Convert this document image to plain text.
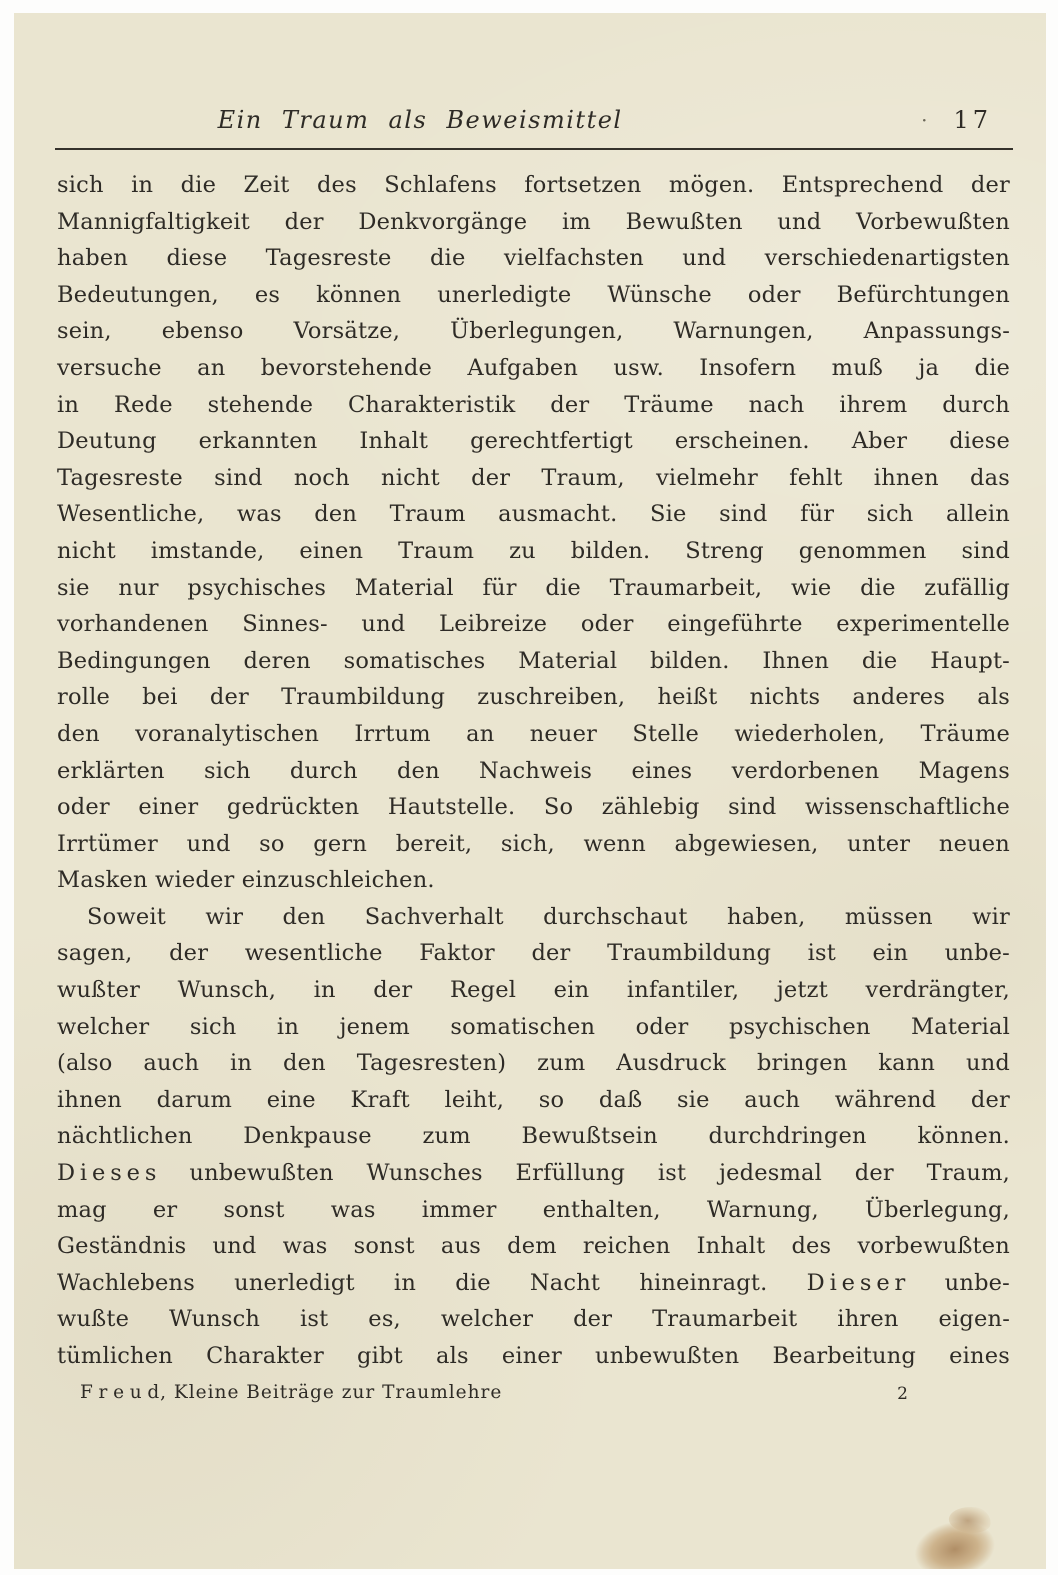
Ein Traum als Beweismittel	· 17
sich in die Zeit des Schlafens fortsetzen mögen. Entsprechend der
Mannigfaltigkeit der Denkvorgänge im Bewußten und Vorbewußten
haben diese Tagesreste die vielfachsten und verschiedenartigsten
Bedeutungen, es können unerledigte Wünsche oder Befürchtungen
sein, ebenso Vorsätze, Überlegungen, Warnungen, Anpassungs-
versuche an bevorstehende Aufgaben usw. Insofern muß ja die
in Rede stehende Charakteristik der Träume nach ihrem durch
Deutung erkannten Inhalt gerechtfertigt erscheinen. Aber diese
Tagesreste sind noch nicht der Traum, vielmehr fehlt ihnen das
Wesentliche, was den Traum ausmacht. Sie sind für sich allein
nicht imstande, einen Traum zu bilden. Streng genommen sind
sie nur psychisches Material für die Traumarbeit, wie die zufällig
vorhandenen Sinnes- und Leibreize oder eingeführte experimentelle
Bedingungen deren somatisches Material bilden. Ihnen die Haupt-
rolle bei der Traumbildung zuschreiben, heißt nichts anderes als
den voranalytischen Irrtum an neuer Stelle wiederholen, Träume
erklärten sich durch den Nachweis eines verdorbenen Magens
oder einer gedrückten Hautstelle. So zählebig sind wissenschaftliche
Irrtümer und so gern bereit, sich, wenn abgewiesen, unter neuen
Masken wieder einzuschleichen.
Soweit wir den Sachverhalt durchschaut haben, müssen wir
sagen, der wesentliche Faktor der Traumbildung ist ein unbe-
wußter Wunsch, in der Regel ein infantiler, jetzt verdrängter,
welcher sich in jenem somatischen oder psychischen Material
(also auch in den Tagesresten) zum Ausdruck bringen kann und
ihnen darum eine Kraft leiht, so daß sie auch während der
nächtlichen Denkpause zum Bewußtsein durchdringen können.
D i e s e s unbewußten Wunsches Erfüllung ist jedesmal der Traum,
mag er sonst was immer enthalten, Warnung, Überlegung,
Geständnis und was sonst aus dem reichen Inhalt des vorbewußten
Wachlebens unerledigt in die Nacht hineinragt. D i e s e r unbe-
wußte Wunsch ist es, welcher der Traumarbeit ihren eigen-
tümlichen Charakter gibt als einer unbewußten Bearbeitung eines
F r e u d, Kleine Beiträge zur Traumlehre	2
